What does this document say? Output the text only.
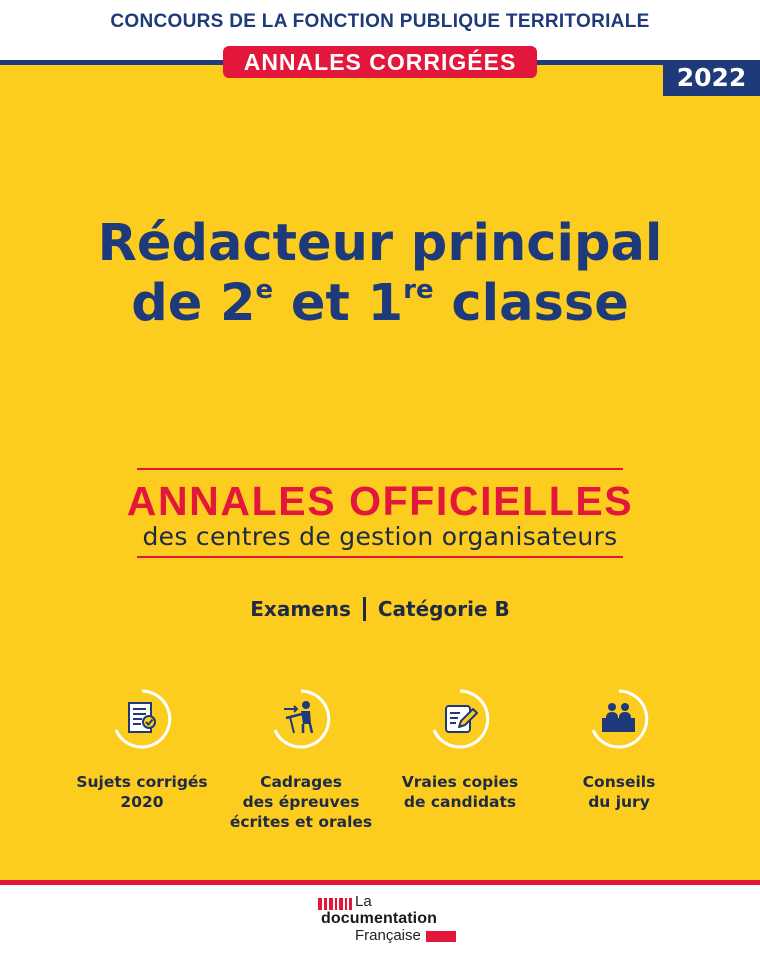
CONCOURS DE LA FONCTION PUBLIQUE TERRITORIALE
ANNALES CORRIGÉES
2022
Rédacteur principal
de 2e et 1re classe
ANNALES OFFICIELLES
des centres de gestion organisateurs
Examens Catégorie B
Sujets corrigés
2020
Cadrages
des épreuves
écrites et orales
Vraies copies
de candidats
Conseils
du jury
La
documentation
Française
